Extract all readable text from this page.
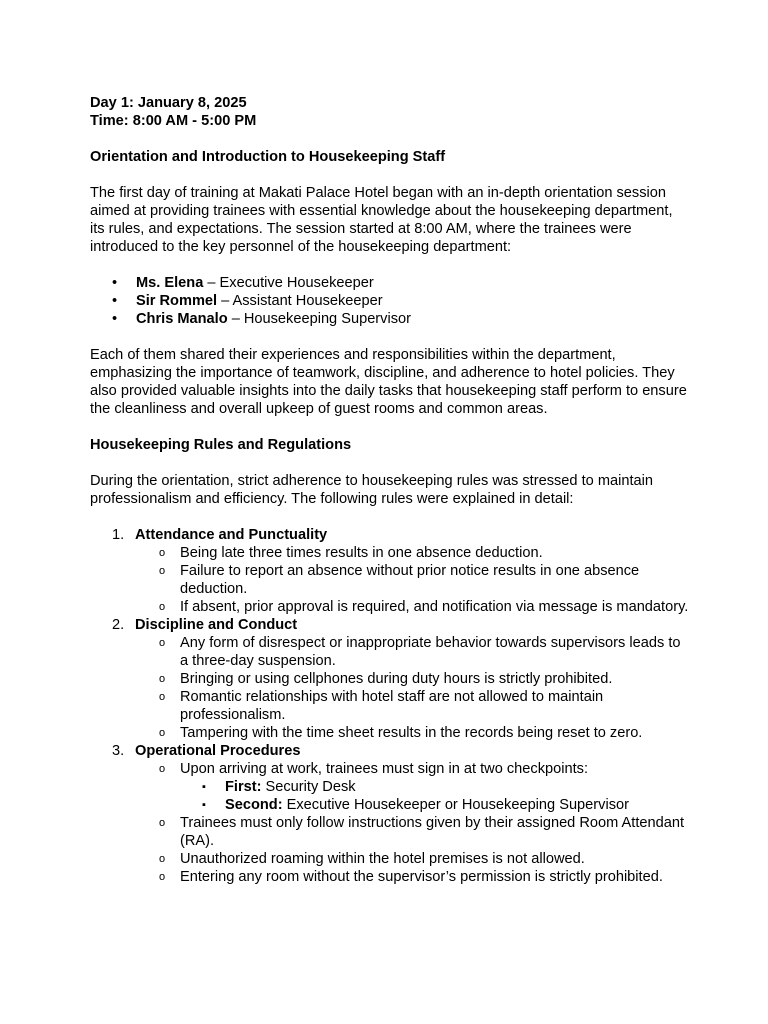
Day 1: January 8, 2025

Time: 8:00 AM - 5:00 PM

Orientation and Introduction to Housekeeping Staff

The first day of training at Makati Palace Hotel began with an in-depth orientation session aimed at providing trainees with essential knowledge about the housekeeping department, its rules, and expectations. The session started at 8:00 AM, where the trainees were introduced to the key personnel of the housekeeping department:

• Ms. Elena – Executive Housekeeper
• Sir Rommel – Assistant Housekeeper
• Chris Manalo – Housekeeping Supervisor

Each of them shared their experiences and responsibilities within the department, emphasizing the importance of teamwork, discipline, and adherence to hotel policies. They also provided valuable insights into the daily tasks that housekeeping staff perform to ensure the cleanliness and overall upkeep of guest rooms and common areas.

Housekeeping Rules and Regulations

During the orientation, strict adherence to housekeeping rules was stressed to maintain professionalism and efficiency. The following rules were explained in detail:

1. Attendance and Punctuality
o Being late three times results in one absence deduction.
o Failure to report an absence without prior notice results in one absence deduction.
o If absent, prior approval is required, and notification via message is mandatory.
2. Discipline and Conduct
o Any form of disrespect or inappropriate behavior towards supervisors leads to a three-day suspension.
o Bringing or using cellphones during duty hours is strictly prohibited.
o Romantic relationships with hotel staff are not allowed to maintain professionalism.
o Tampering with the time sheet results in the records being reset to zero.
3. Operational Procedures
o Upon arriving at work, trainees must sign in at two checkpoints:
▪ First: Security Desk
▪ Second: Executive Housekeeper or Housekeeping Supervisor
o Trainees must only follow instructions given by their assigned Room Attendant (RA).
o Unauthorized roaming within the hotel premises is not allowed.
o Entering any room without the supervisor’s permission is strictly prohibited.
